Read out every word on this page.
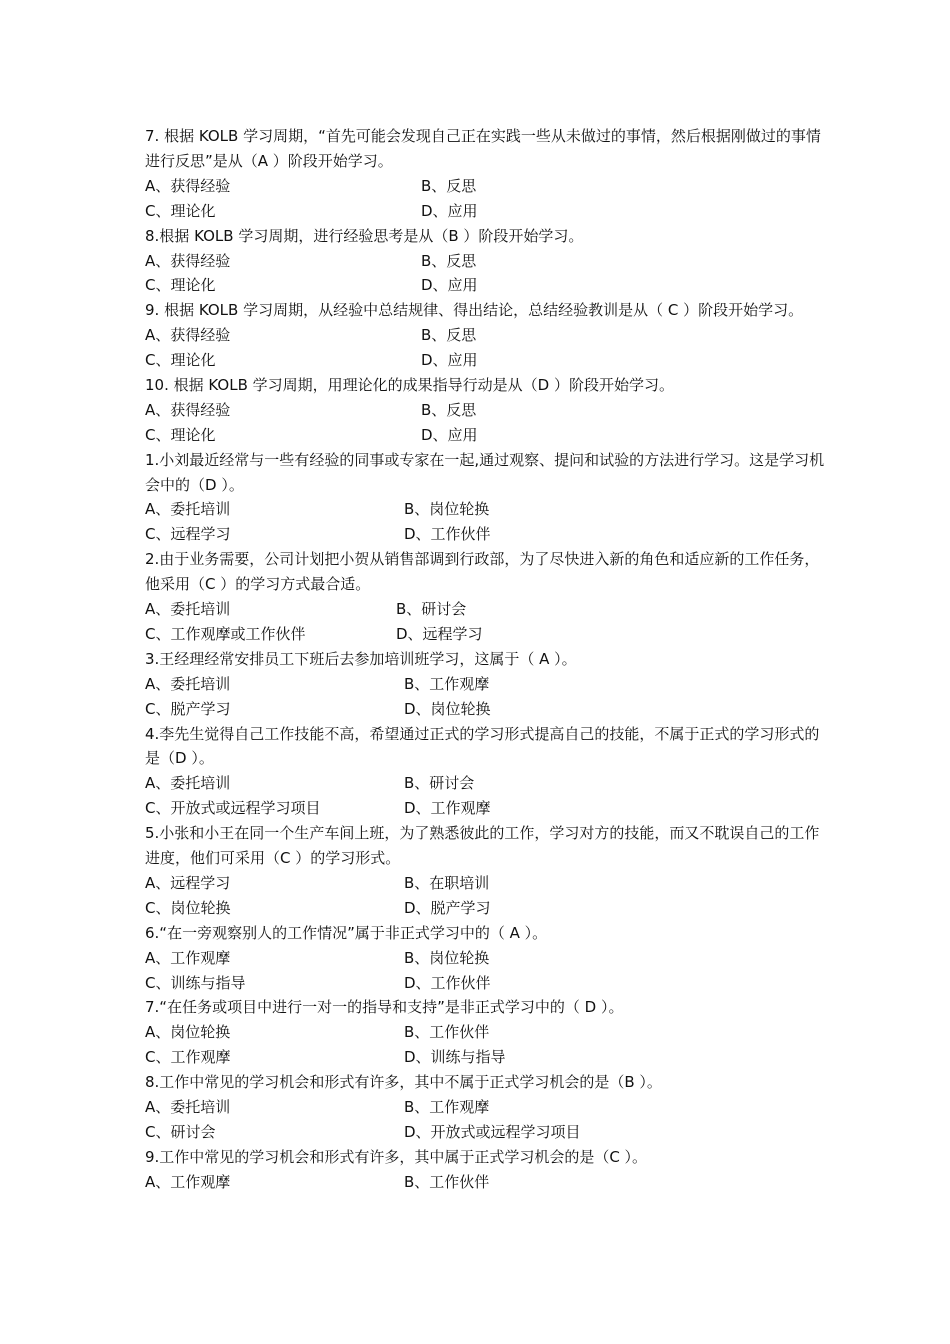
7. 根据 KOLB 学习周期，“首先可能会发现自己正在实践一些从未做过的事情，然后根据刚做过的事情进行反思”是从（A ）阶段开始学习。

A、获得经验	B、反思
C、理论化	D、应用

8.根据 KOLB 学习周期，进行经验思考是从（B ）阶段开始学习。

A、获得经验	B、反思
C、理论化	D、应用

9. 根据 KOLB 学习周期，从经验中总结规律、得出结论，总结经验教训是从（ C ）阶段开始学习。

A、获得经验	B、反思
C、理论化	D、应用

10. 根据 KOLB 学习周期，用理论化的成果指导行动是从（D ）阶段开始学习。

A、获得经验	B、反思
C、理论化	D、应用

1.小刘最近经常与一些有经验的同事或专家在一起,通过观察、提问和试验的方法进行学习。这是学习机会中的（D ）。

A、委托培训	B、岗位轮换
C、远程学习	D、工作伙伴

2.由于业务需要，公司计划把小贺从销售部调到行政部，为了尽快进入新的角色和适应新的工作任务，他采用（C ）的学习方式最合适。

A、委托培训	B、研讨会
C、工作观摩或工作伙伴	D、远程学习

3.王经理经常安排员工下班后去参加培训班学习，这属于（ A ）。

A、委托培训	B、工作观摩
C、脱产学习	D、岗位轮换

4.李先生觉得自己工作技能不高，希望通过正式的学习形式提高自己的技能，不属于正式的学习形式的是（D ）。

A、委托培训	B、研讨会
C、开放式或远程学习项目	D、工作观摩

5.小张和小王在同一个生产车间上班，为了熟悉彼此的工作，学习对方的技能，而又不耽误自己的工作进度，他们可采用（C ）的学习形式。

A、远程学习	B、在职培训
C、岗位轮换	D、脱产学习

6.“在一旁观察别人的工作情况”属于非正式学习中的（ A ）。

A、工作观摩	B、岗位轮换
C、训练与指导	D、工作伙伴

7.“在任务或项目中进行一对一的指导和支持”是非正式学习中的（ D ）。

A、岗位轮换	B、工作伙伴
C、工作观摩	D、训练与指导

8.工作中常见的学习机会和形式有许多，其中不属于正式学习机会的是（B ）。

A、委托培训	B、工作观摩
C、研讨会	D、开放式或远程学习项目

9.工作中常见的学习机会和形式有许多，其中属于正式学习机会的是（C ）。

A、工作观摩	B、工作伙伴
